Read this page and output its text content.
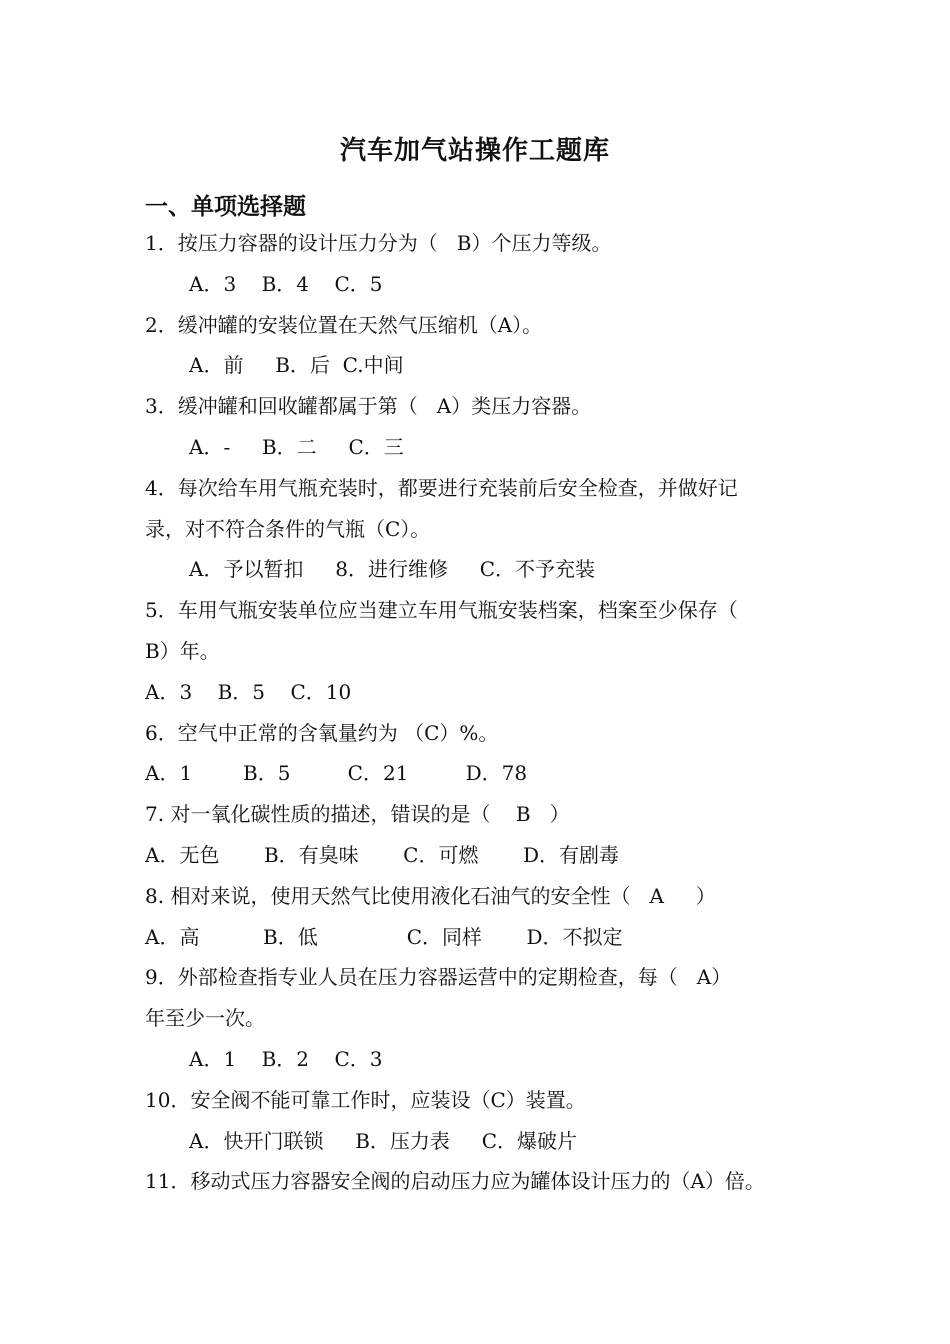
汽车加气站操作工题库
一、单项选择题
1．按压力容器的设计压力分为（   B）个压力等级。
A．3    B．4    C．5
2．缓冲罐的安装位置在天然气压缩机（A）。
A．前     B．后  C.中间
3．缓冲罐和回收罐都属于第（   A）类压力容器。
A．-     B．二     C．三
4．每次给车用气瓶充装时，都要进行充装前后安全检查，并做好记
录，对不符合条件的气瓶（C）。
A．予以暂扣     8．进行维修     C．不予充装
5．车用气瓶安装单位应当建立车用气瓶安装档案，档案至少保存（
B）年。
A．3    B．5    C．10
6．空气中正常的含氧量约为 （C）%。
A．1        B．5         C．21         D．78
7. 对一氧化碳性质的描述，错误的是（    B   ）
A．无色       B．有臭味       C．可燃       D．有剧毒
8. 相对来说，使用天然气比使用液化石油气的安全性（   A     ）
A．高          B．低              C．同样       D．不拟定
9．外部检查指专业人员在压力容器运营中的定期检查，每（   A）
年至少一次。
A．1    B．2    C．3
10．安全阀不能可靠工作时，应装设（C）装置。
A．快开门联锁     B．压力表     C．爆破片
11．移动式压力容器安全阀的启动压力应为罐体设计压力的（A）倍。
